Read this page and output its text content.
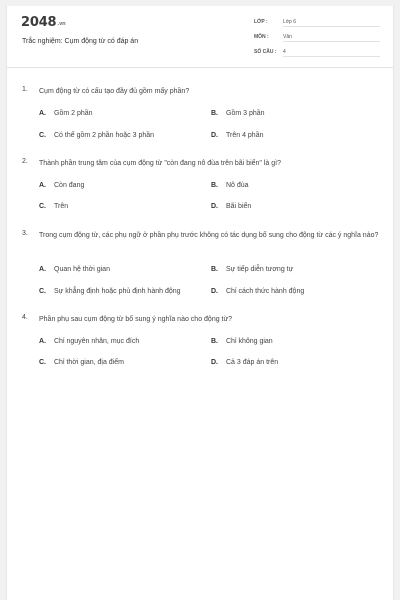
2048.vn
Trắc nghiệm: Cụm động từ có đáp án
LỚP :	Lớp 6
MÔN :	Văn
SỐ CÂU : 4
1. Cụm động từ có cấu tạo đầy đủ gồm mấy phần?
A. Gồm 2 phần	B. Gồm 3 phần
C. Có thể gồm 2 phần hoặc 3 phần	D. Trên 4 phần
2. Thành phần trung tâm của cụm động từ "còn đang nô đùa trên bãi biển" là gì?
A. Còn đang	B. Nô đùa
C. Trên	D. Bãi biển
3. Trong cụm động từ, các phụ ngữ ở phần phụ trước không có tác dụng bổ sung cho động từ các ý nghĩa nào?
A. Quan hệ thời gian	B. Sự tiếp diễn tương tự
C. Sự khẳng định hoặc phủ định hành động	D. Chỉ cách thức hành động
4. Phần phụ sau cụm động từ bổ sung ý nghĩa nào cho động từ?
A. Chỉ nguyên nhân, mục đích	B. Chỉ không gian
C. Chỉ thời gian, địa điểm	D. Cả 3 đáp án trên
